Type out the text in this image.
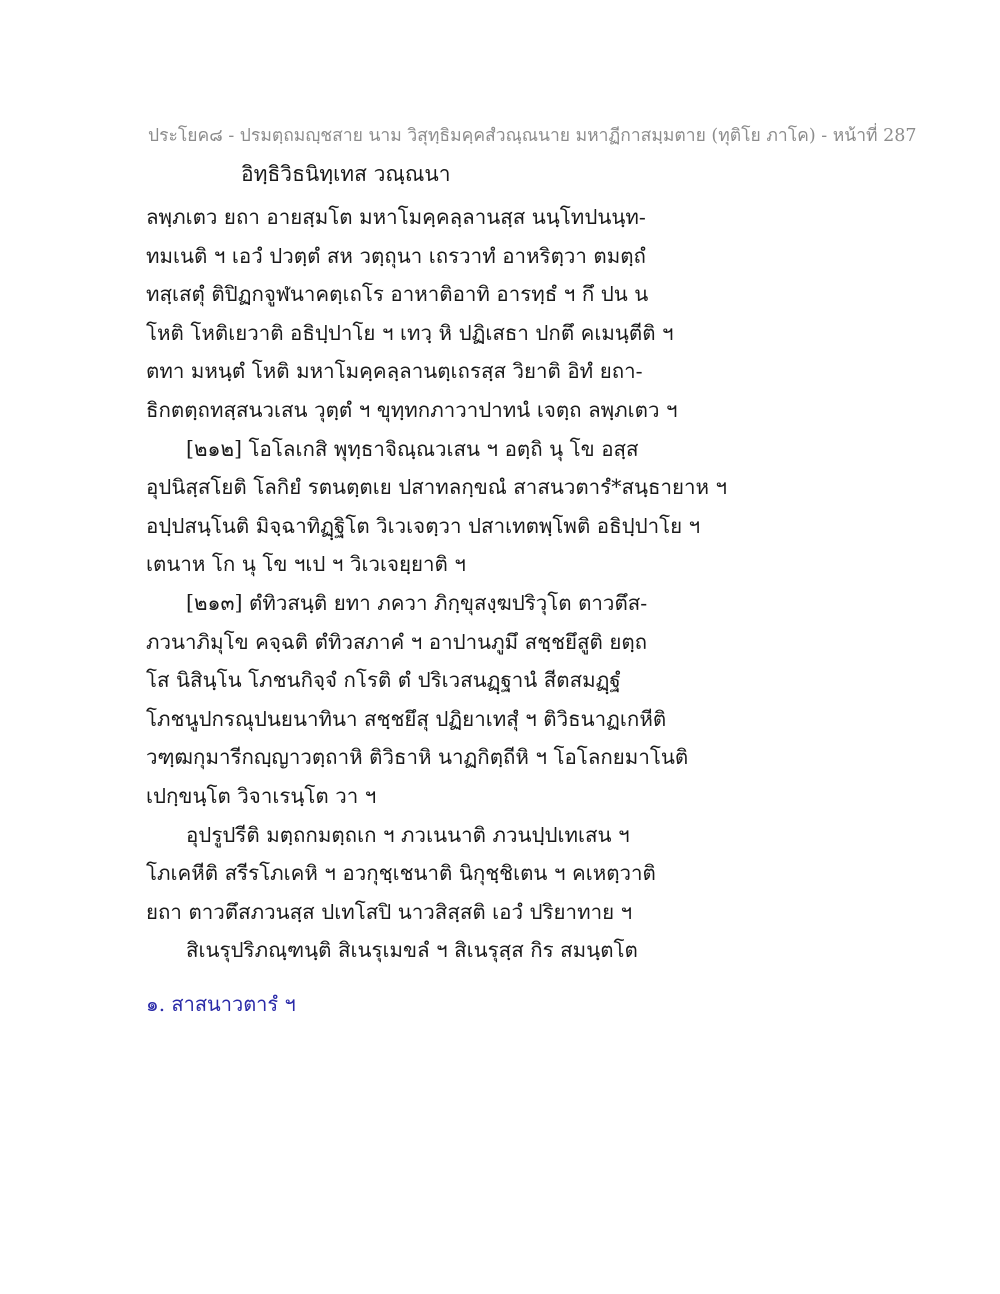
ประโยค๘ - ปรมตฺถมญฺชสาย นาม วิสุทฺธิมคฺคสํวณฺณนาย มหาฏีกาสมฺมตาย (ทุติโย ภาโค) - หน้าที่ 287
อิทฺธิวิธนิทฺเทส วณฺณนา
ลพฺภเตว ยถา อายสฺมโต มหาโมคฺคลฺลานสฺส นนฺโทปนนฺท-
ทมเนติ ฯ เอวํ ปวตฺตํ สห วตฺถุนา เถรวาทํ อาหริตฺวา ตมตฺถํ
ทสฺเสตุํ ติปิฏกจูฬนาคตฺเถโร อาหาติอาทิ อารทฺธํ ฯ กึ ปน น
โหติ โหติเยวาติ อธิปฺปาโย ฯ เทวฺ หิ ปฏิเสธา ปกตึ คเมนฺตีติ ฯ
ตทา มหนฺตํ โหติ มหาโมคฺคลฺลานตฺเถรสฺส วิยาติ อิทํ ยถา-
ธิกตตฺถทสฺสนวเสน วุตฺตํ ฯ ขุทฺทกภาวาปาทนํ เจตฺถ ลพฺภเตว ฯ
[๒๑๒] โอโลเกสิ พุทฺธาจิณฺณวเสน ฯ อตฺถิ นุ โข อสฺส
อุปนิสฺสโยติ โลกิยํ รตนตฺตเย ปสาทลกฺขณํ สาสนวตารํ*สนฺธายาห ฯ
อปฺปสนฺโนติ มิจฺฉาทิฏฺฐิโต วิเวเจตฺวา ปสาเทตพฺโพติ อธิปฺปาโย ฯ
เตนาห โก นุ โข ฯเป ฯ วิเวเจยฺยาติ ฯ
[๒๑๓] ตํทิวสนฺติ ยทา ภควา ภิกฺขุสงฺฆปริวุโต ตาวตึส-
ภวนาภิมุโข คจฺฉติ ตํทิวสภาคํ ฯ อาปานภูมึ สชฺชยึสูติ ยตฺถ
โส นิสินฺโน โภชนกิจฺจํ กโรติ ตํ ปริเวสนฏฺฐานํ สีตสมฏฺฐํ
โภชนูปกรณุปนยนาทินา สชฺชยึสุ ปฏิยาเทสุํ ฯ ติวิธนาฏเกหีติ
วฑฺฒกุมารีกญฺญาวตฺถาหิ ติวิธาหิ นาฏกิตฺถีหิ ฯ โอโลกยมาโนติ
เปกฺขนฺโต วิจาเรนฺโต วา ฯ
อุปรูปรีติ มตฺถกมตฺถเก ฯ ภวเนนาติ ภวนปฺปเทเสน ฯ
โภเคหีติ สรีรโภเคหิ ฯ อวกุชฺเชนาติ นิกุชฺชิเตน ฯ คเหตฺวาติ
ยถา ตาวตึสภวนสฺส ปเทโสปิ นาวสิสฺสติ เอวํ ปริยาทาย ฯ
สิเนรุปริภณฺฑนฺติ สิเนรุเมขลํ ฯ สิเนรุสฺส กิร สมนฺตโต
๑. สาสนาวตารํ ฯ
